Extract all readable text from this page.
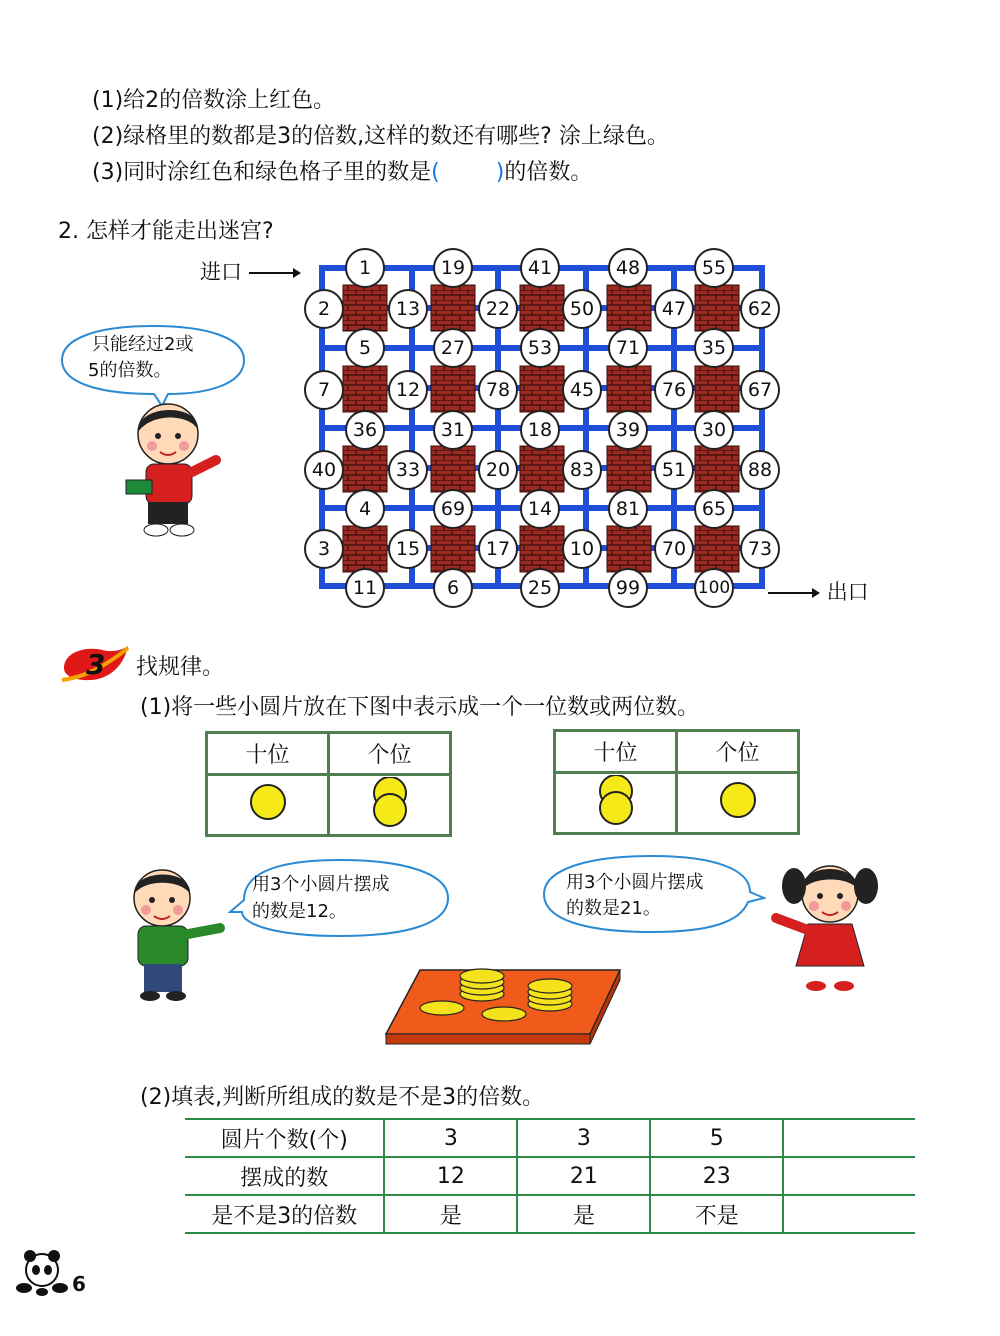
(1)给2的倍数涂上红色。
(2)绿格里的数都是3的倍数,这样的数还有哪些? 涂上绿色。
(3)同时涂红色和绿色格子里的数是(	)的倍数。
2. 怎样才能走出迷宫?
进口
出口
1	19	41	48	55
2	13	22	50	47	62
5	27	53	71	35
7	12	78	45	76	67
36	31	18	39	30
40	33	20	83	51	88
4	69	14	81	65
3	15	17	10	70	73
11	6	25	99	100
只能经过2或
5的倍数。
3 找规律。
(1)将一些小圆片放在下图中表示成一个一位数或两位数。
十位	个位
		十位	个位

用3个小圆片摆成
的数是12。
用3个小圆片摆成
的数是21。
(2)填表,判断所组成的数是不是3的倍数。
圆片个数(个)	3	3	5	
摆成的数	12	21	23	
是不是3的倍数	是	是	不是	
6
